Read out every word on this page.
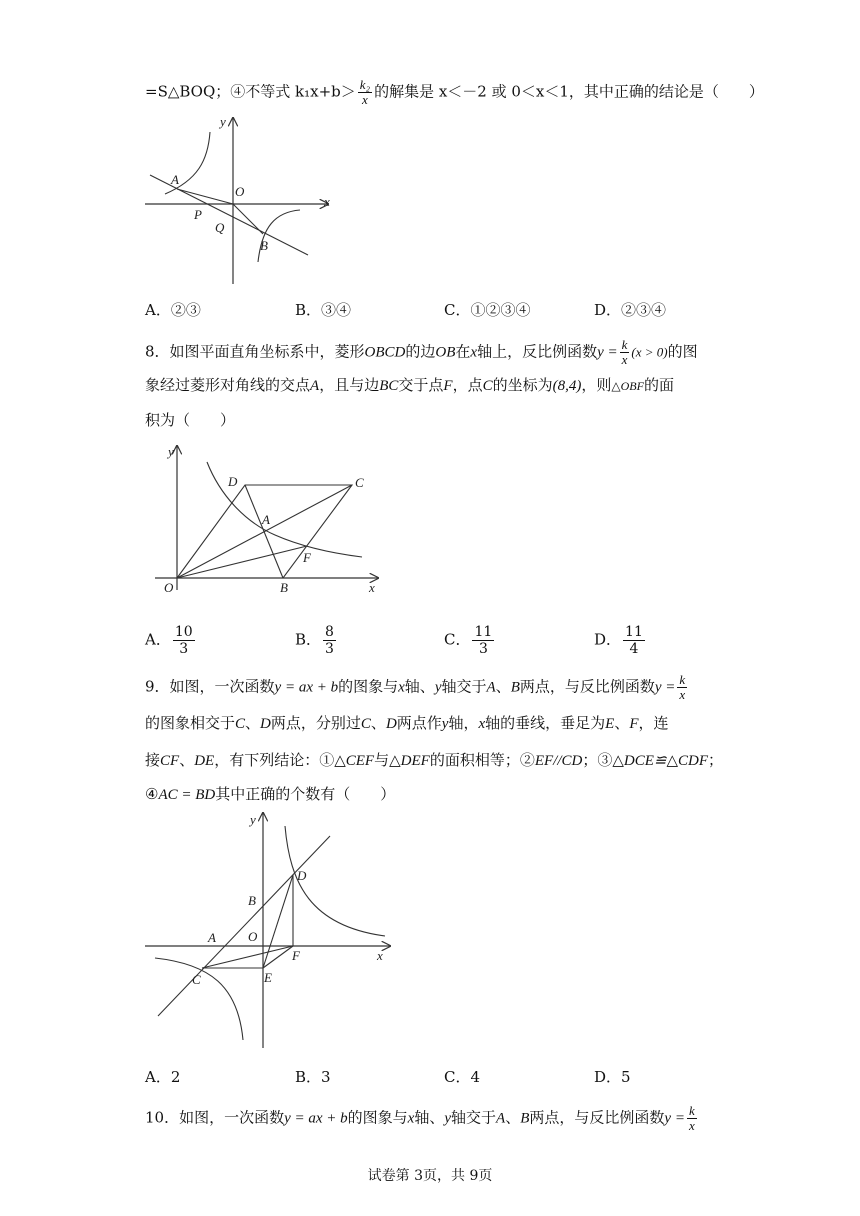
=S△BOQ；④不等式 $k_1x+b> \frac{\text{k₂}}{x}$ 的解集是 x＜－2 或 0＜x＜1，其中正确的结论是（　　）
y
x
A
O
P
Q
B
A．②③	B．③④	C．①②③④	D．②③④
8．如图平面直角坐标系中，菱形OBCD的边OB在x轴上，反比例函数$y = \frac{k}{x} (x > 0)$的图
象经过菱形对角线的交点A，且与边BC交于点F，点C的坐标为(8,4)，则△OBF的面
积为（　　）
y
x
D	C
A
F
O	B
A． $\frac{10}{3}$	B． $\frac{8}{3}$	C． $\frac{11}{3}$	D． $\frac{11}{4}$
9．如图，一次函数y = ax + b的图象与x轴、y轴交于A、B两点，与反比例函数$y = \frac{k}{x}$
的图象相交于C、D两点，分别过C、D两点作y轴，x轴的垂线，垂足为E、F，连
接CF、DE，有下列结论：①△CEF与△DEF的面积相等；②EF//CD；③△DCE≌△CDF；
④AC = BD其中正确的个数有（　　）
y
x
B
D
A O
F
C	E
A．2	B．3	C．4	D．5
10．如图，一次函数y = ax + b的图象与x轴、y轴交于A、B两点，与反比例函数$y = \frac{k}{x}$
试卷第 3页，共 9页
